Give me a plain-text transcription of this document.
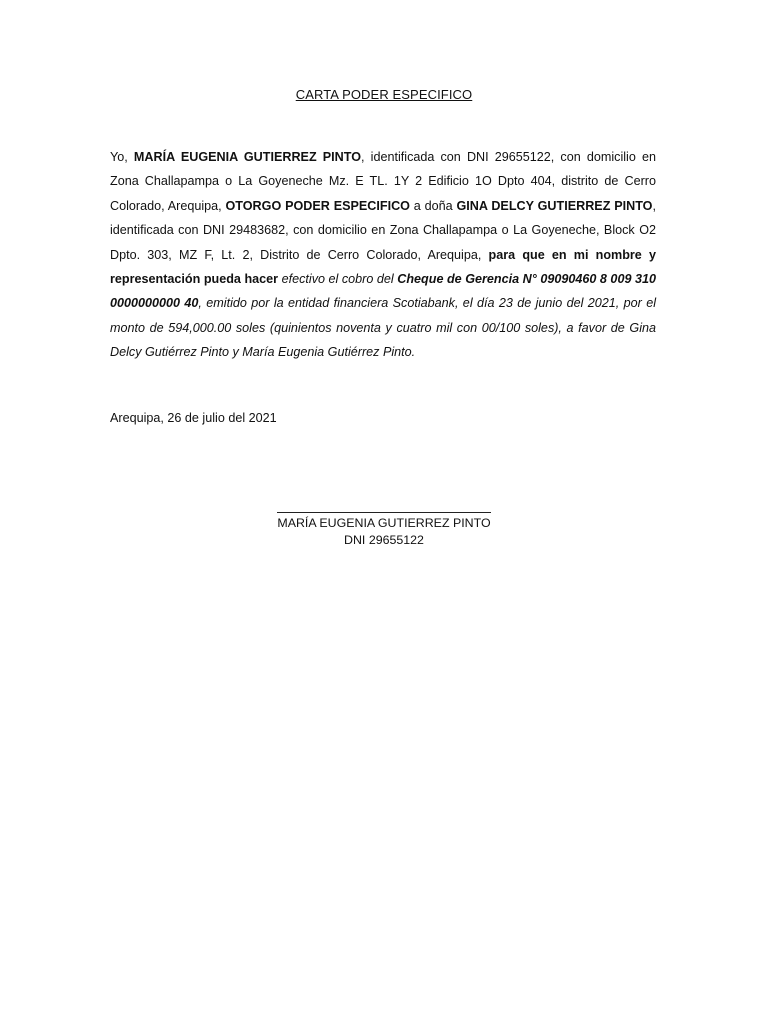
CARTA PODER ESPECIFICO

Yo, MARÍA EUGENIA GUTIERREZ PINTO, identificada con DNI 29655122, con domicilio en Zona Challapampa o La Goyeneche Mz. E TL. 1Y 2 Edificio 1O Dpto 404, distrito de Cerro Colorado, Arequipa, OTORGO PODER ESPECIFICO a doña GINA DELCY GUTIERREZ PINTO, identificada con DNI 29483682, con domicilio en Zona Challapampa o La Goyeneche, Block O2 Dpto. 303, MZ F, Lt. 2, Distrito de Cerro Colorado, Arequipa, para que en mi nombre y representación pueda hacer efectivo el cobro del Cheque de Gerencia N° 09090460 8 009 310 0000000000 40, emitido por la entidad financiera Scotiabank, el día 23 de junio del 2021, por el monto de 594,000.00 soles (quinientos noventa y cuatro mil con 00/100 soles), a favor de Gina Delcy Gutiérrez Pinto y María Eugenia Gutiérrez Pinto.

Arequipa, 26 de julio del 2021
MARÍA EUGENIA GUTIERREZ PINTO
DNI 29655122
